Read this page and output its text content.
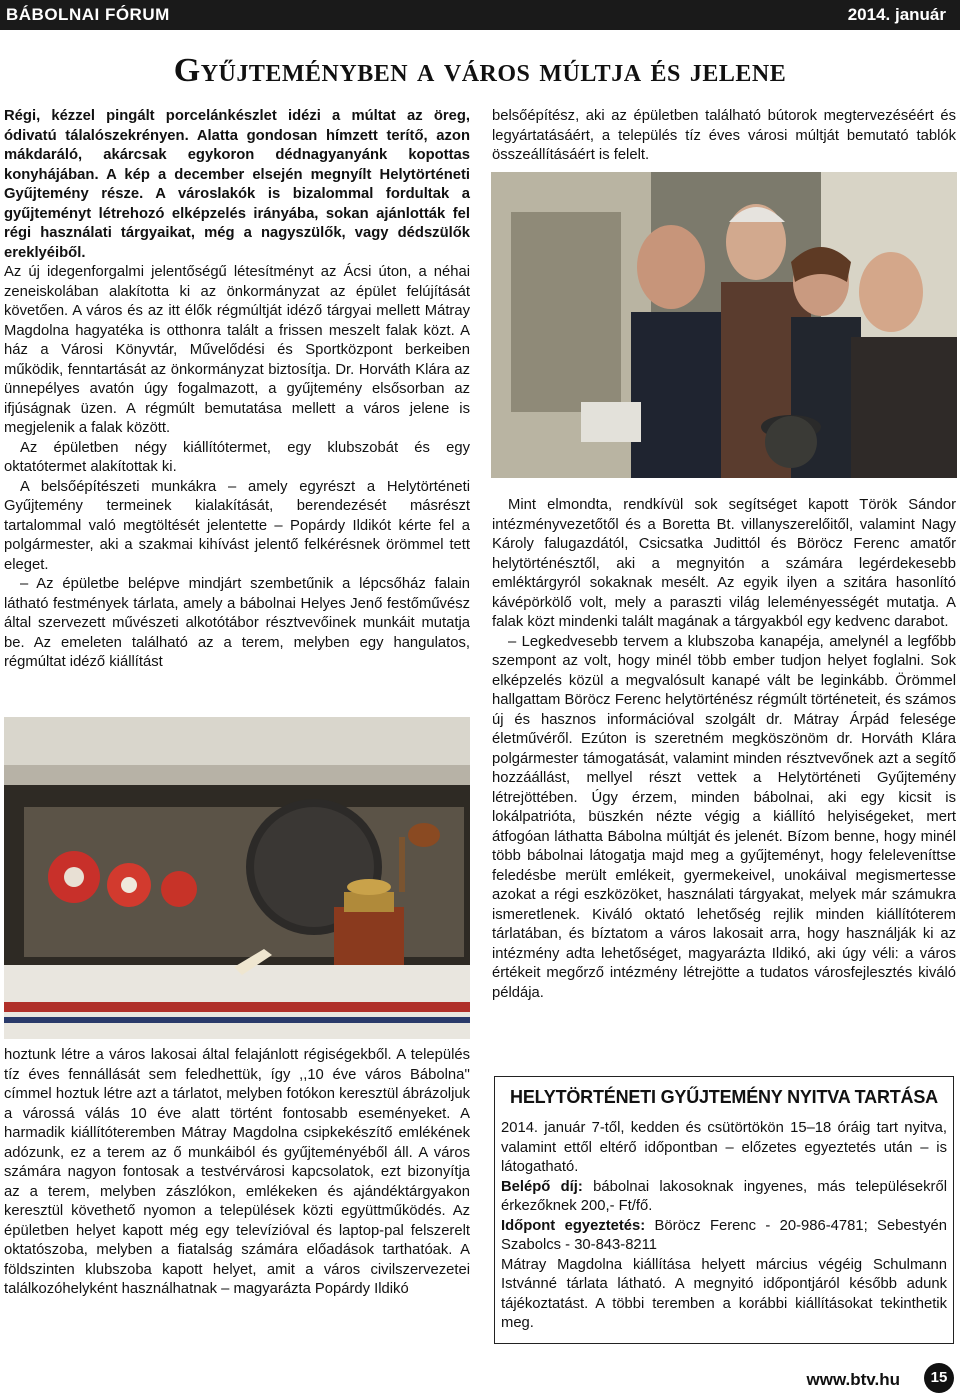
BÁBOLNAI FÓRUM	2014. január
Gyűjteményben a város múltja és jelene

Régi, kézzel pingált porcelánkészlet idézi a múltat az öreg, ódivatú tálalószekrényen. Alatta gondosan hímzett terítő, azon mákdaráló, akárcsak egykoron dédnagyanyánk kopottas konyhájában. A kép a december elsején megnyílt Helytörténeti Gyűjtemény része. A városlakók is bizalommal fordultak a gyűjteményt létrehozó elképzelés irányába, sokan ajánlották fel régi használati tárgyaikat, még a nagyszülők, vagy dédszülők ereklyéiből.

Az új idegenforgalmi jelentőségű létesítményt az Ácsi úton, a néhai zeneiskolában alakította ki az önkormányzat az épület felújítását követően. A város és az itt élők régmúltját idéző tárgyai mellett Mátray Magdolna hagyatéka is otthonra talált a frissen meszelt falak közt. A ház a Városi Könyvtár, Művelődési és Sportközpont berkeiben működik, fenntartását az önkormányzat biztosítja. Dr. Horváth Klára az ünnepélyes avatón úgy fogalmazott, a gyűjtemény elsősorban az ifjúságnak üzen. A régmúlt bemutatása mellett a város jelene is megjelenik a falak között.

Az épületben négy kiállítótermet, egy klubszobát és egy oktatótermet alakítottak ki.

A belsőépítészeti munkákra – amely egyrészt a Helytörténeti Gyűjtemény termeinek kialakítását, berendezését másrészt tartalommal való megtöltését jelentette – Popárdy Ildikót kérte fel a polgármester, aki a szakmai kihívást jelentő felkérésnek örömmel tett eleget.

– Az épületbe belépve mindjárt szembetűnik a lépcsőház falain látható festmények tárlata, amely a bábolnai Helyes Jenő festőművész által szervezett művészeti alkotótábor résztvevőinek munkáit mutatja be. Az emeleten található az a terem, melyben egy hangulatos, régmúltat idéző kiállítást

hoztunk létre a város lakosai által felajánlott régiségekből. A település tíz éves fennállását sem feledhettük, így ,,10 éve város Bábolna'' címmel hoztuk létre azt a tárlatot, melyben fotókon keresztül ábrázoljuk a várossá válás 10 éve alatt történt fontosabb eseményeket. A harmadik kiállítóteremben Mátray Magdolna csipkekészítő emlékének adózunk, ez a terem az ő munkáiból és gyűjteményéből áll. A város számára nagyon fontosak a testvérvárosi kapcsolatok, ezt bizonyítja az a terem, melyben zászlókon, emlékeken és ajándéktárgyakon keresztül követhető nyomon a települések közti együttműködés. Az épületben helyet kapott még egy televízióval és laptop-pal felszerelt oktatószoba, melyben a fiatalság számára előadások tarthatóak. A földszinten klubszoba kapott helyet, amit a város civilszervezetei találkozóhelyként használhatnak – magyarázta Popárdy Ildikó

belsőépítész, aki az épületben található bútorok megtervezéséért és legyártatásáért, a település tíz éves városi múltját bemutató tablók összeállításáért is felelt.

Mint elmondta, rendkívül sok segítséget kapott Török Sándor intézményvezetőtől és a Boretta Bt. villanyszerelőitől, valamint Nagy Károly falugazdától, Csicsatka Judittól és Böröcz Ferenc amatőr helytörténésztől, aki a megnyitón a számára legérdekesebb emléktárgyról sokaknak mesélt. Az egyik ilyen a szitára hasonlító kávépörkölő volt, mely a paraszti világ leleményességét mutatja. A falak közt mindenki talált magának a tárgyakból egy kedvenc darabot.

– Legkedvesebb tervem a klubszoba kanapéja, amelynél a legfőbb szempont az volt, hogy minél több ember tudjon helyet foglalni. Sok elképzelés közül a megvalósult kanapé vált be leginkább. Örömmel hallgattam Böröcz Ferenc helytörténész régmúlt történeteit, és számos új és hasznos információval szolgált dr. Mátray Árpád felesége életművéről. Ezúton is szeretném megköszönöm dr. Horváth Klára polgármester támogatását, valamint minden résztvevőnek azt a segítő hozzáállást, mellyel részt vettek a Helytörténeti Gyűjtemény létrejöttében. Úgy érzem, minden bábolnai, aki egy kicsit is lokálpatrióta, büszkén nézte végig a kiállító helyiségeket, mert átfogóan láthatta Bábolna múltját és jelenét. Bízom benne, hogy minél több bábolnai látogatja majd meg a gyűjteményt, hogy feleleveníttse feledésbe merült emlékeit, gyermekeivel, unokáival megismertesse azokat a régi eszközöket, használati tárgyakat, melyek már számukra ismeretlenek. Kiváló oktató lehetőség rejlik minden kiállítóterem tárlatában, és bíztatom a város lakosait arra, hogy használják ki az intézmény adta lehetőséget, magyarázta Ildikó, aki úgy véli: a város értékeit megőrző intézmény létrejötte a tudatos városfejlesztés kiváló példája.

HELYTÖRTÉNETI GYŰJTEMÉNY NYITVA TARTÁSA

2014. január 7-től, kedden és csütörtökön 15–18 óráig tart nyitva, valamint ettől eltérő időpontban – előzetes egyeztetés után – is látogatható.

Belépő díj: bábolnai lakosoknak ingyenes, más településekről érkezőknek 200,- Ft/fő.

Időpont egyeztetés: Böröcz Ferenc - 20-986-4781; Sebestyén Szabolcs - 30-843-8211

Mátray Magdolna kiállítása helyett március végéig Schulmann Istvánné tárlata látható. A megnyitó időpontjáról később adunk tájékoztatást. A többi teremben a korábbi kiállításokat tekinthetik meg.

www.btv.hu	15
